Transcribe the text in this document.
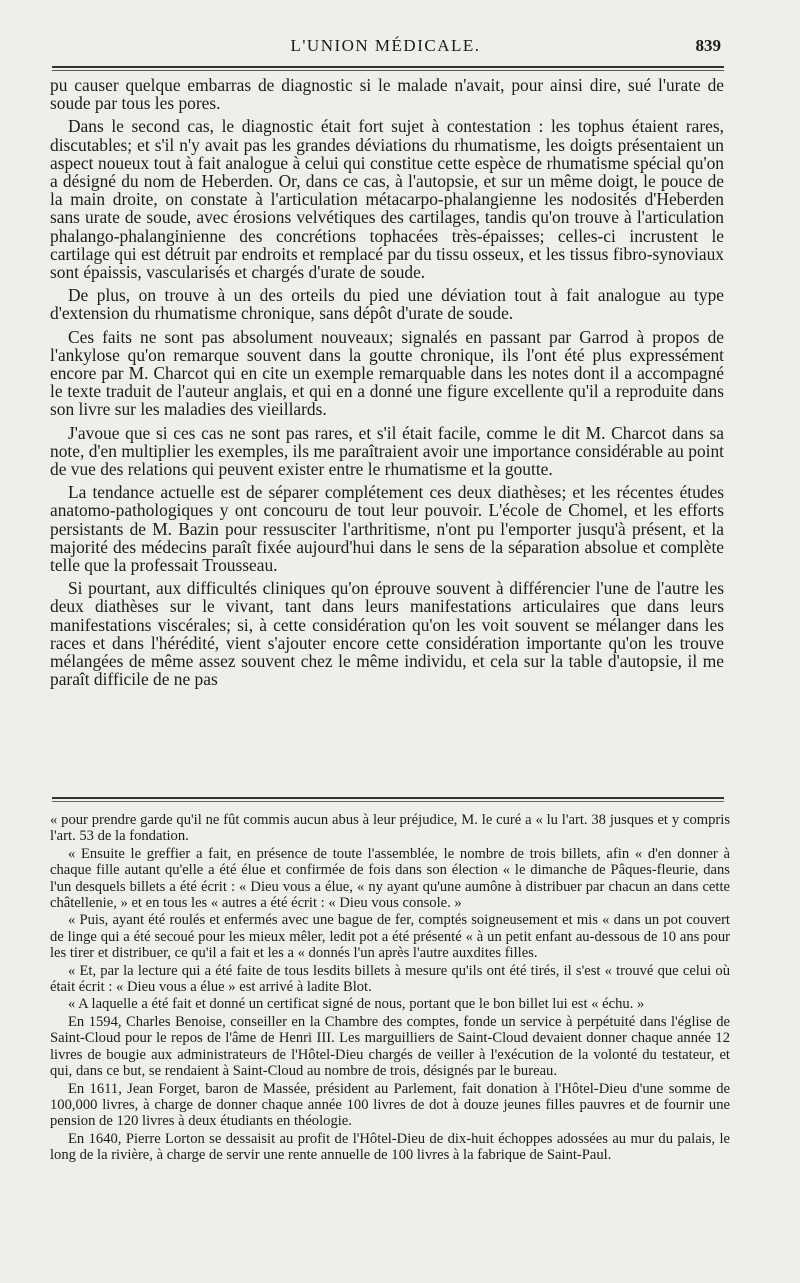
L'UNION MÉDICALE.	839

pu causer quelque embarras de diagnostic si le malade n'avait, pour ainsi dire, sué l'urate de soude par tous les pores.

Dans le second cas, le diagnostic était fort sujet à contestation : les tophus étaient rares, discutables; et s'il n'y avait pas les grandes déviations du rhumatisme, les doigts présentaient un aspect noueux tout à fait analogue à celui qui constitue cette espèce de rhumatisme spécial qu'on a désigné du nom de Heberden. Or, dans ce cas, à l'autopsie, et sur un même doigt, le pouce de la main droite, on constate à l'articulation métacarpo-phalangienne les nodosités d'Heberden sans urate de soude, avec érosions velvétiques des cartilages, tandis qu'on trouve à l'articulation phalango-phalanginienne des concrétions tophacées très-épaisses; celles-ci incrustent le cartilage qui est détruit par endroits et remplacé par du tissu osseux, et les tissus fibro-synoviaux sont épaissis, vascularisés et chargés d'urate de soude.

De plus, on trouve à un des orteils du pied une déviation tout à fait analogue au type d'extension du rhumatisme chronique, sans dépôt d'urate de soude.

Ces faits ne sont pas absolument nouveaux; signalés en passant par Garrod à propos de l'ankylose qu'on remarque souvent dans la goutte chronique, ils l'ont été plus expressément encore par M. Charcot qui en cite un exemple remarquable dans les notes dont il a accompagné le texte traduit de l'auteur anglais, et qui en a donné une figure excellente qu'il a reproduite dans son livre sur les maladies des vieillards.

J'avoue que si ces cas ne sont pas rares, et s'il était facile, comme le dit M. Charcot dans sa note, d'en multiplier les exemples, ils me paraîtraient avoir une importance considérable au point de vue des relations qui peuvent exister entre le rhumatisme et la goutte.

La tendance actuelle est de séparer complétement ces deux diathèses; et les récentes études anatomo-pathologiques y ont concouru de tout leur pouvoir. L'école de Chomel, et les efforts persistants de M. Bazin pour ressusciter l'arthritisme, n'ont pu l'emporter jusqu'à présent, et la majorité des médecins paraît fixée aujourd'hui dans le sens de la séparation absolue et complète telle que la professait Trousseau.

Si pourtant, aux difficultés cliniques qu'on éprouve souvent à différencier l'une de l'autre les deux diathèses sur le vivant, tant dans leurs manifestations articulaires que dans leurs manifestations viscérales; si, à cette considération qu'on les voit souvent se mélanger dans les races et dans l'hérédité, vient s'ajouter encore cette considération importante qu'on les trouve mélangées de même assez souvent chez le même individu, et cela sur la table d'autopsie, il me paraît difficile de ne pas

« pour prendre garde qu'il ne fût commis aucun abus à leur préjudice, M. le curé a « lu l'art. 38 jusques et y compris l'art. 53 de la fondation.

« Ensuite le greffier a fait, en présence de toute l'assemblée, le nombre de trois billets, afin « d'en donner à chaque fille autant qu'elle a été élue et confirmée de fois dans son élection « le dimanche de Pâques-fleurie, dans l'un desquels billets a été écrit : « Dieu vous a élue, « ny ayant qu'une aumône à distribuer par chacun an dans cette châtellenie, » et en tous les « autres a été écrit : « Dieu vous console. »

« Puis, ayant été roulés et enfermés avec une bague de fer, comptés soigneusement et mis « dans un pot couvert de linge qui a été secoué pour les mieux mêler, ledit pot a été présenté « à un petit enfant au-dessous de 10 ans pour les tirer et distribuer, ce qu'il a fait et les a « donnés l'un après l'autre auxdites filles.

« Et, par la lecture qui a été faite de tous lesdits billets à mesure qu'ils ont été tirés, il s'est « trouvé que celui où était écrit : « Dieu vous a élue » est arrivé à ladite Blot.

« A laquelle a été fait et donné un certificat signé de nous, portant que le bon billet lui est « échu. »

En 1594, Charles Benoise, conseiller en la Chambre des comptes, fonde un service à perpétuité dans l'église de Saint-Cloud pour le repos de l'âme de Henri III. Les marguilliers de Saint-Cloud devaient donner chaque année 12 livres de bougie aux administrateurs de l'Hôtel-Dieu chargés de veiller à l'exécution de la volonté du testateur, et qui, dans ce but, se rendaient à Saint-Cloud au nombre de trois, désignés par le bureau.

En 1611, Jean Forget, baron de Massée, président au Parlement, fait donation à l'Hôtel-Dieu d'une somme de 100,000 livres, à charge de donner chaque année 100 livres de dot à douze jeunes filles pauvres et de fournir une pension de 120 livres à deux étudiants en théologie.

En 1640, Pierre Lorton se dessaisit au profit de l'Hôtel-Dieu de dix-huit échoppes adossées au mur du palais, le long de la rivière, à charge de servir une rente annuelle de 100 livres à la fabrique de Saint-Paul.
